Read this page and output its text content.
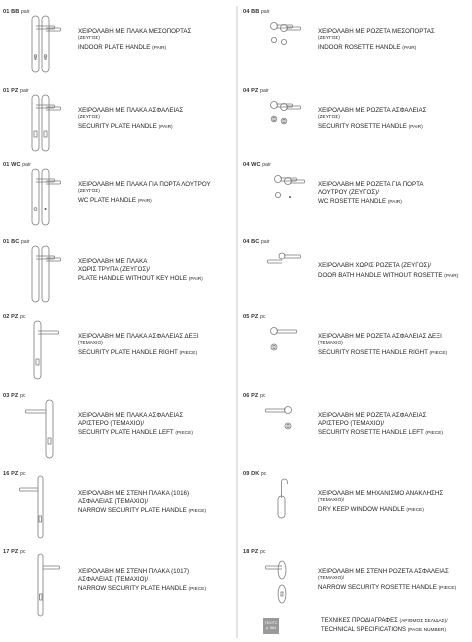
01 BB pair
ΧΕΙΡΟΛΑΒΗ ΜΕ ΠΛΑΚΑ ΜΕΣΟΠΟΡΤΑΣ
(ΖΕΥΓΟΣ)
INDOOR PLATE HANDLE (PAIR)
01 PZ pair
ΧΕΙΡΟΛΑΒΗ ΜΕ ΠΛΑΚΑ ΑΣΦΑΛΕΙΑΣ
(ΖΕΥΓΟΣ)
SECURITY PLATE HANDLE (PAIR)
01 WC pair
ΧΕΙΡΟΛΑΒΗ ΜΕ ΠΛΑΚΑ ΓΙΑ ΠΟΡΤΑ ΛΟΥΤΡΟΥ
(ΖΕΥΓΟΣ)
WC PLATE HANDLE (PAIR)
01 BC pair
ΧΕΙΡΟΛΑΒΗ ΜΕ ΠΛΑΚΑ
ΧΩΡΙΣ ΤΡΥΠΑ (ΖΕΥΓΟΣ)/
PLATE HANDLE WITHOUT KEY HOLE (PAIR)
02 PZ pc
ΧΕΙΡΟΛΑΒΗ ΜΕ ΠΛΑΚΑ ΑΣΦΑΛΕΙΑΣ ΔΕΞΙ
(ΤΕΜΑΧΙΟ)
SECURITY PLATE HANDLE RIGHT (PIECE)
03 PZ pc
ΧΕΙΡΟΛΑΒΗ ΜΕ ΠΛΑΚΑ ΑΣΦΑΛΕΙΑΣ
ΑΡΙΣΤΕΡΟ (ΤΕΜΑΧΙΟ)/
SECURITY PLATE HANDLE LEFT (PIECE)
16 PZ pc
ΧΕΙΡΟΛΑΒΗ ΜΕ ΣΤΕΝΗ ΠΛΑΚΑ (1016)
ΑΣΦΑΛΕΙΑΣ (ΤΕΜΑΧΙΟ)/
NARROW SECURITY PLATE HANDLE (PIECE)
17 PZ pc
ΧΕΙΡΟΛΑΒΗ ΜΕ ΣΤΕΝΗ ΠΛΑΚΑ (1017)
ΑΣΦΑΛΕΙΑΣ (ΤΕΜΑΧΙΟ)/
NARROW SECURITY PLATE HANDLE (PIECE)
04 BB pair
ΧΕΙΡΟΛΑΒΗ ΜΕ ΡΟΖΕΤΑ ΜΕΣΟΠΟΡΤΑΣ
(ΖΕΥΓΟΣ)
INDOOR ROSETTE HANDLE (PAIR)
04 PZ pair
ΧΕΙΡΟΛΑΒΗ ΜΕ ΡΟΖΕΤΑ ΑΣΦΑΛΕΙΑΣ
(ΖΕΥΓΟΣ)
SECURITY ROSETTE HANDLE (PAIR)
04 WC pair
ΧΕΙΡΟΛΑΒΗ ΜΕ ΡΟΖΕΤΑ ΓΙΑ ΠΟΡΤΑ
ΛΟΥΤΡΟΥ (ΖΕΥΓΟΣ)/
WC ROSETTE HANDLE (PAIR)
04 BC pair
ΧΕΙΡΟΛΑΒΗ ΧΩΡΙΣ ΡΟΖΕΤΑ (ΖΕΥΓΟΣ)/
DOOR BATH HANDLE WITHOUT ROSETTE (PAIR)
05 PZ pc
ΧΕΙΡΟΛΑΒΗ ΜΕ ΡΟΖΕΤΑ ΑΣΦΑΛΕΙΑΣ ΔΕΞΙ
(ΤΕΜΑΧΙΟ)
SECURITY ROSETTE HANDLE RIGHT (PIECE)
06 PZ pc
ΧΕΙΡΟΛΑΒΗ ΜΕ ΡΟΖΕΤΑ ΑΣΦΑΛΕΙΑΣ
ΑΡΙΣΤΕΡΟ (ΤΕΜΑΧΙΟ)/
SECURITY ROSETTE HANDLE LEFT (PIECE)
09 DK pc
ΧΕΙΡΟΛΑΒΗ ΜΕ ΜΗΧΑΝΙΣΜΟ ΑΝΑΚΛΗΣΗΣ
(ΤΕΜΑΧΙΟ)/
DRY KEEP WINDOW HANDLE (PIECE)
18 PZ pc
ΧΕΙΡΟΛΑΒΗ ΜΕ ΣΤΕΝΗ ΡΟΖΕΤΑ ΑΣΦΑΛΕΙΑΣ
(ΤΕΜΑΧΙΟ)/
NARROW SECURITY ROSETTE HANDLE (PIECE)
ΤΕΧ/ΤΣ
p. 564
ΤΕΧΝΙΚΕΣ ΠΡΟΔΙΑΓΡΑΦΕΣ (ΑΡΙΘΜΟΣ ΣΕΛΙΔΑΣ)/
TECHNICAL SPECIFICATIONS (PAGE NUMBER)
